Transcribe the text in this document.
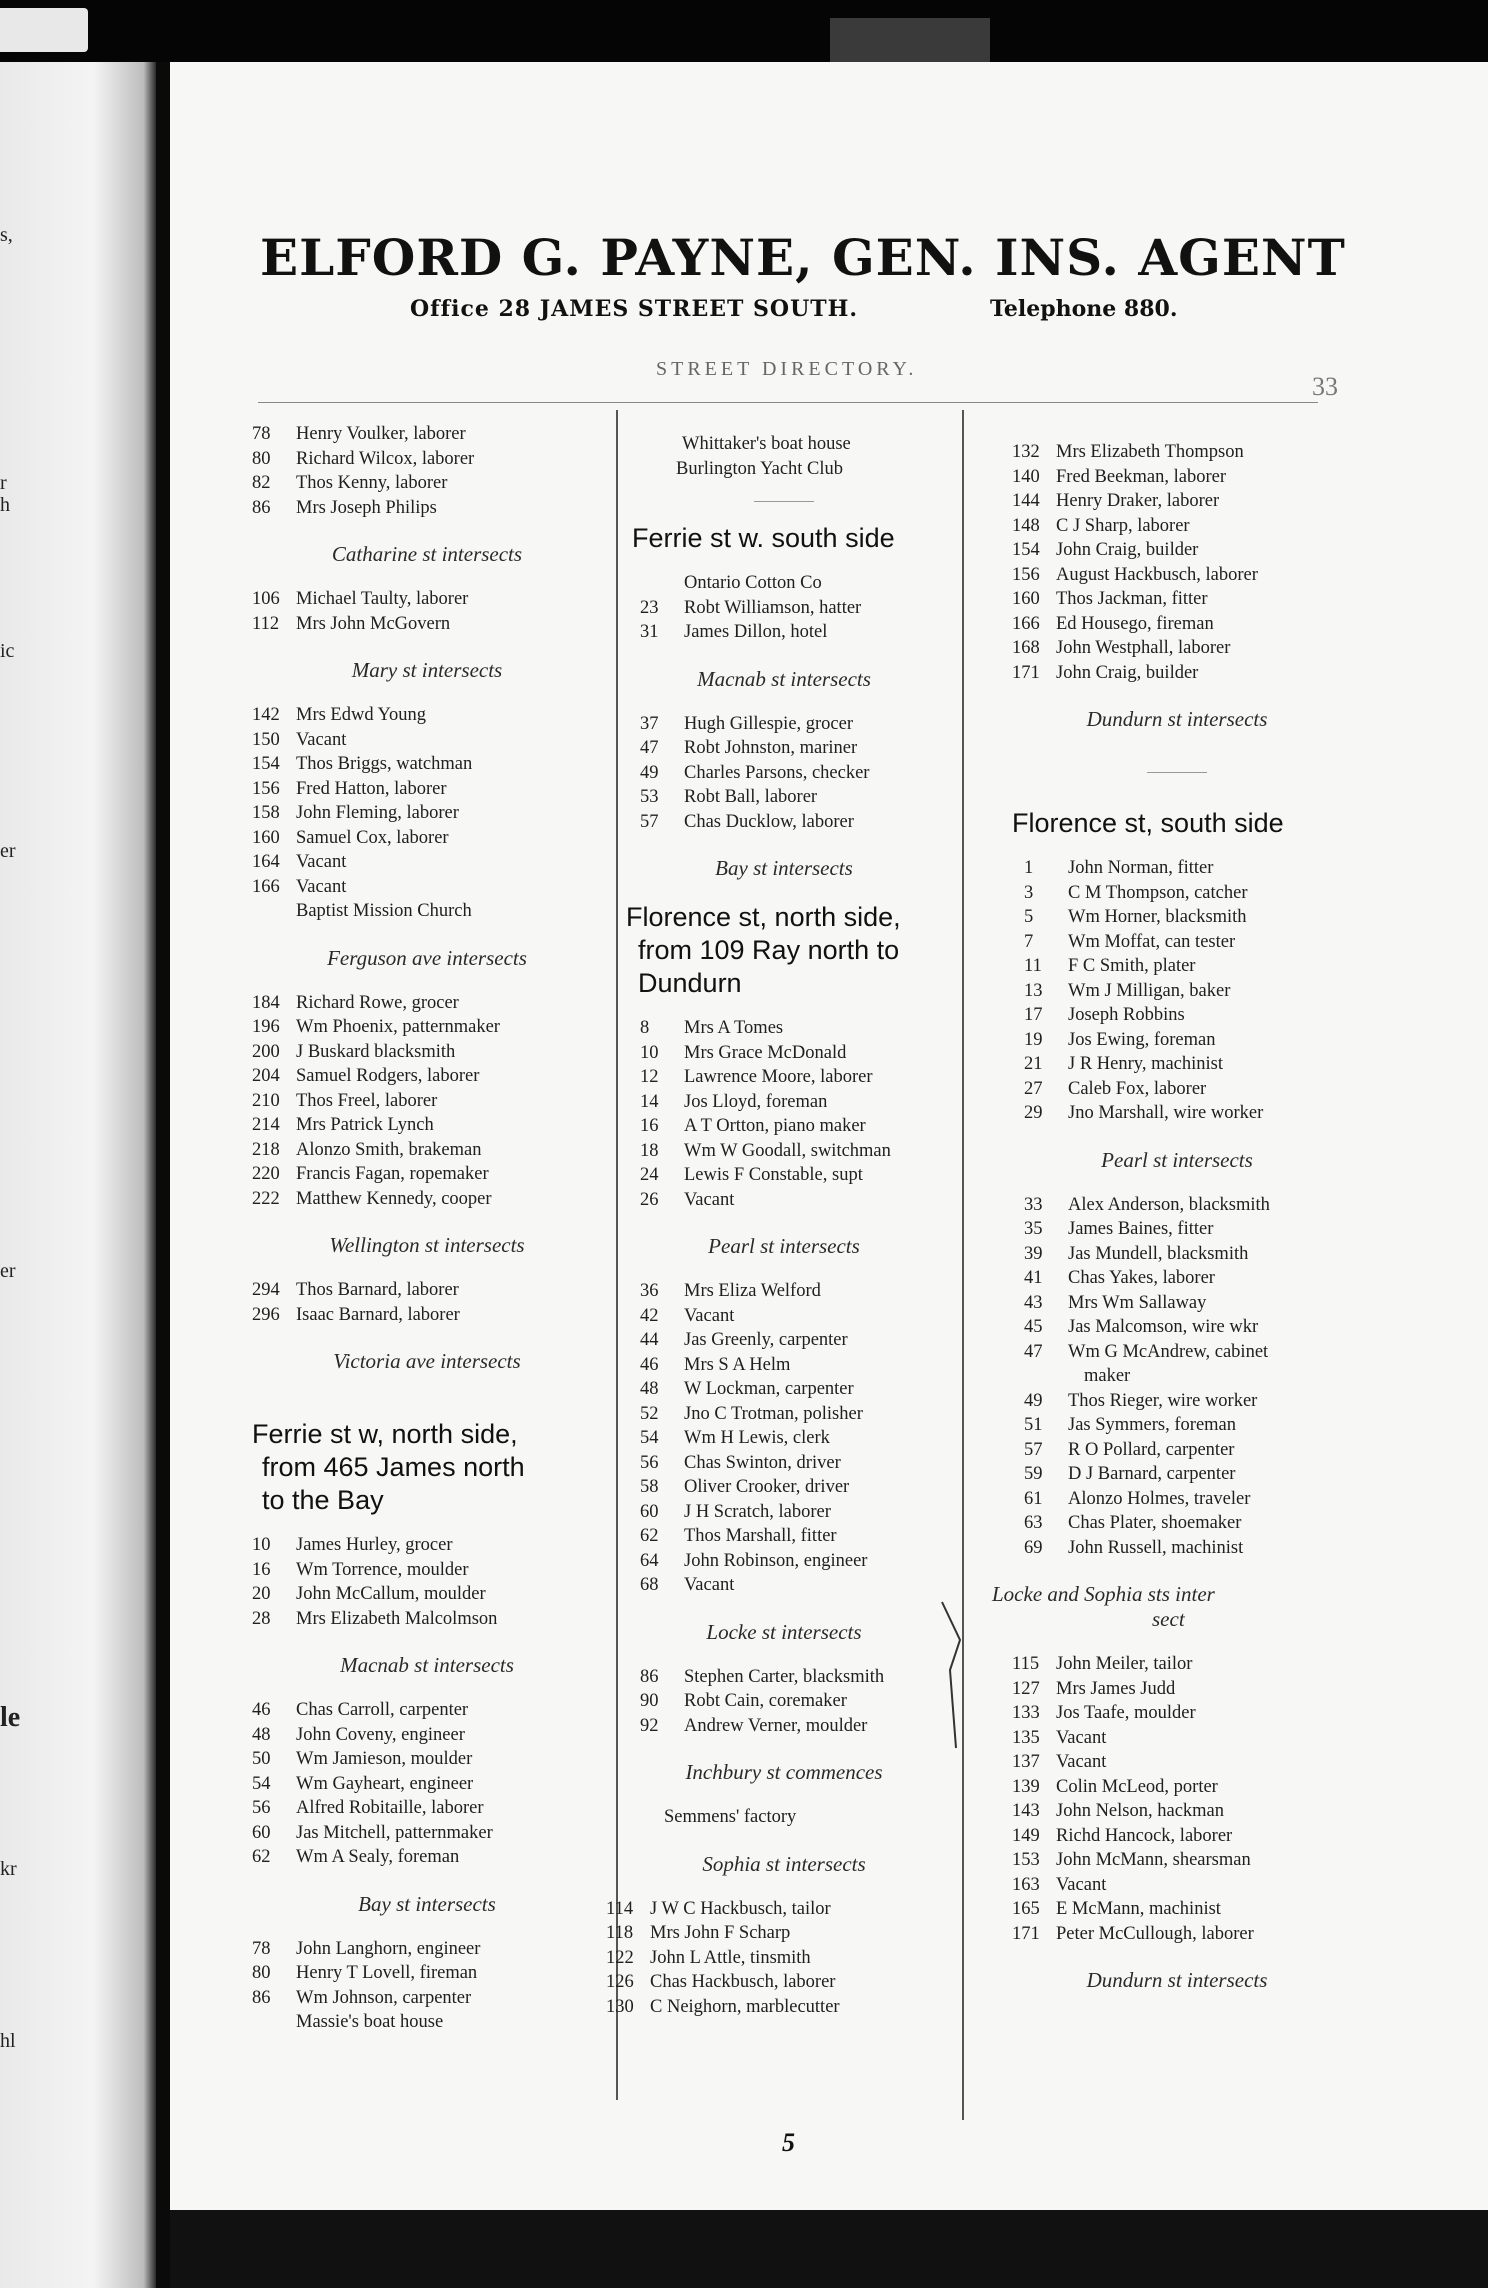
s,
r
h
ic
er
er
le
kr
hl
ELFORD G. PAYNE, GEN. INS. AGENT
Office 28 JAMES STREET SOUTH.	Telephone 880.
STREET DIRECTORY.
33
78 Henry Voulker, laborer
80 Richard Wilcox, laborer
82 Thos Kenny, laborer
86 Mrs Joseph Philips
Catharine st intersects
106 Michael Taulty, laborer
112 Mrs John McGovern
Mary st intersects
142 Mrs Edwd Young
150 Vacant
154 Thos Briggs, watchman
156 Fred Hatton, laborer
158 John Fleming, laborer
160 Samuel Cox, laborer
164 Vacant
166 Vacant
Baptist Mission Church
Ferguson ave intersects
184 Richard Rowe, grocer
196 Wm Phoenix, patternmaker
200 J Buskard blacksmith
204 Samuel Rodgers, laborer
210 Thos Freel, laborer
214 Mrs Patrick Lynch
218 Alonzo Smith, brakeman
220 Francis Fagan, ropemaker
222 Matthew Kennedy, cooper
Wellington st intersects
294 Thos Barnard, laborer
296 Isaac Barnard, laborer
Victoria ave intersects
Ferrie st w, north side,
from 465 James north
to the Bay
10 James Hurley, grocer
16 Wm Torrence, moulder
20 John McCallum, moulder
28 Mrs Elizabeth Malcolmson
Macnab st intersects
46 Chas Carroll, carpenter
48 John Coveny, engineer
50 Wm Jamieson, moulder
54 Wm Gayheart, engineer
56 Alfred Robitaille, laborer
60 Jas Mitchell, patternmaker
62 Wm A Sealy, foreman
Bay st intersects
78 John Langhorn, engineer
80 Henry T Lovell, fireman
86 Wm Johnson, carpenter
Massie's boat house
Whittaker's boat house
Burlington Yacht Club
Ferrie st w. south side
Ontario Cotton Co
23 Robt Williamson, hatter
31 James Dillon, hotel
Macnab st intersects
37 Hugh Gillespie, grocer
47 Robt Johnston, mariner
49 Charles Parsons, checker
53 Robt Ball, laborer
57 Chas Ducklow, laborer
Bay st intersects
Florence st, north side,
from 109 Ray north to
Dundurn
8 Mrs A Tomes
10 Mrs Grace McDonald
12 Lawrence Moore, laborer
14 Jos Lloyd, foreman
16 A T Ortton, piano maker
18 Wm W Goodall, switchman
24 Lewis F Constable, supt
26 Vacant
Pearl st intersects
36 Mrs Eliza Welford
42 Vacant
44 Jas Greenly, carpenter
46 Mrs S A Helm
48 W Lockman, carpenter
52 Jno C Trotman, polisher
54 Wm H Lewis, clerk
56 Chas Swinton, driver
58 Oliver Crooker, driver
60 J H Scratch, laborer
62 Thos Marshall, fitter
64 John Robinson, engineer
68 Vacant
Locke st intersects
86 Stephen Carter, blacksmith
90 Robt Cain, coremaker
92 Andrew Verner, moulder
Inchbury st commences
Semmens' factory
Sophia st intersects
114 J W C Hackbusch, tailor
118 Mrs John F Scharp
122 John L Attle, tinsmith
126 Chas Hackbusch, laborer
130 C Neighorn, marblecutter
132 Mrs Elizabeth Thompson
140 Fred Beekman, laborer
144 Henry Draker, laborer
148 C J Sharp, laborer
154 John Craig, builder
156 August Hackbusch, laborer
160 Thos Jackman, fitter
166 Ed Housego, fireman
168 John Westphall, laborer
171 John Craig, builder
Dundurn st intersects
Florence st, south side
1 John Norman, fitter
3 C M Thompson, catcher
5 Wm Horner, blacksmith
7 Wm Moffat, can tester
11 F C Smith, plater
13 Wm J Milligan, baker
17 Joseph Robbins
19 Jos Ewing, foreman
21 J R Henry, machinist
27 Caleb Fox, laborer
29 Jno Marshall, wire worker
Pearl st intersects
33 Alex Anderson, blacksmith
35 James Baines, fitter
39 Jas Mundell, blacksmith
41 Chas Yakes, laborer
43 Mrs Wm Sallaway
45 Jas Malcomson, wire wkr
47 Wm G McAndrew, cabinet
maker
49 Thos Rieger, wire worker
51 Jas Symmers, foreman
57 R O Pollard, carpenter
59 D J Barnard, carpenter
61 Alonzo Holmes, traveler
63 Chas Plater, shoemaker
69 John Russell, machinist
Locke and Sophia sts inter
sect
115 John Meiler, tailor
127 Mrs James Judd
133 Jos Taafe, moulder
135 Vacant
137 Vacant
139 Colin McLeod, porter
143 John Nelson, hackman
149 Richd Hancock, laborer
153 John McMann, shearsman
163 Vacant
165 E McMann, machinist
171 Peter McCullough, laborer
Dundurn st intersects
5
